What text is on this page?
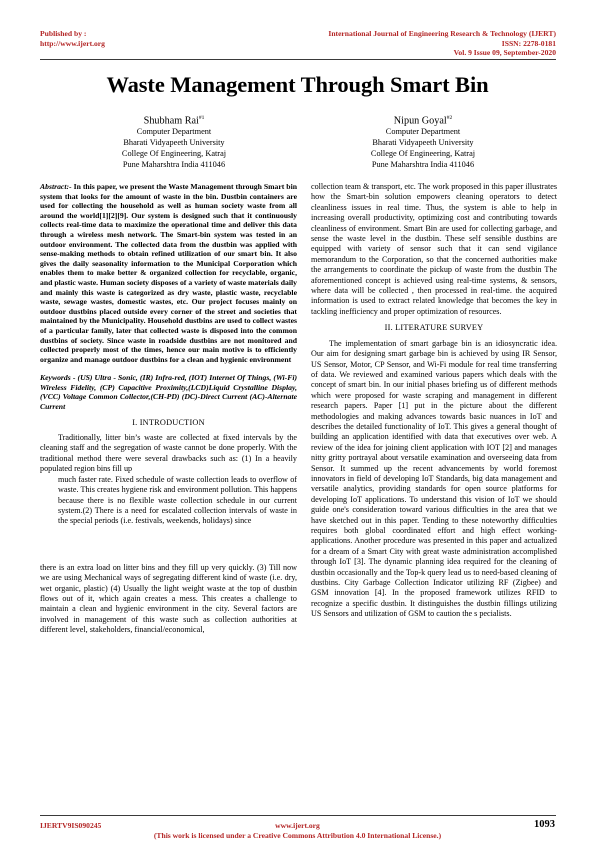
Published by :
http://www.ijert.org
International Journal of Engineering Research & Technology (IJERT)
ISSN: 2278-0181
Vol. 9 Issue 09, September-2020
Waste Management Through Smart Bin
Shubham Rai$^{\#1}$
Computer Department
Bharati Vidyapeeth University
College Of Engineering, Katraj
Pune Maharshtra India 411046
Nipun Goyal$^{\#2}$
Computer Department
Bharati Vidyapeeth University
College Of Engineering, Katraj
Pune Maharshtra India 411046

Abstract:- In this paper, we present the Waste Management through Smart bin system that looks for the amount of waste in the bin. Dustbin containers are used for collecting the household as well as human society waste from all around the world[1][2][9]. Our system is designed such that it continuously collects real-time data to maximize the operational time and deliver this data through a wireless mesh network. The Smart-bin system was tested in an outdoor environment. The collected data from the dustbin was applied with sense-making methods to obtain refined utilization of our smart bin. It also gives the daily seasonality information to the Municipal Corporation which enables them to make better & organized collection for recyclable, organic, and plastic waste. Human society disposes of a variety of waste materials daily and mainly this waste is categorized as dry waste, plastic waste, recyclable waste, sewage wastes, domestic wastes, etc. Our project focuses mainly on outdoor dustbins placed outside every corner of the street and societies that maintained by the Municipality. Household dustbins are used to collect wastes of a particular family, later that collected waste is disposed into the common dustbins of society. Since waste in roadside dustbins are not monitored and collected properly most of the times, hence our main motive is to efficiently organize and manage outdoor dustbins for a clean and hygienic environment

Keywords - (US) Ultra - Sonic, (IR) Infra-red, (IOT) Internet Of Things, (Wi-Fi) Wireless Fidelity, (CP) Capacitive Proximity,(LCD)Liquid Crystalline Display,(VCC) Voltage Common Collector,(CH-PD) (DC)-Direct Current (AC)-Alternate Current

I. INTRODUCTION

Traditionally, litter bin’s waste are collected at fixed intervals by the cleaning staff and the segregation of waste cannot be done properly. With the traditional method there were several drawbacks such as: (1) In a heavily populated region bins fill up

much faster rate. Fixed schedule of waste collection leads to overflow of waste. This creates hygiene risk and environment pollution. This happens because there is no flexible waste collection schedule in our current system.(2) There is a need for escalated collection intervals of waste in the special periods (i.e. festivals, weekends, holidays) since

there is an extra load on litter bins and they fill up very quickly. (3) Till now we are using Mechanical ways of segregating different kind of waste (i.e. dry, wet organic, plastic) (4) Usually the light weight waste at the top of dustbin flows out of it, which again creates a mess. This creates a challenge to maintain a clean and hygienic environment in the city. Several factors are involved in management of this waste such as collection authorities at different level, stakeholders, financial/economical,

collection team & transport, etc. The work proposed in this paper illustrates how the Smart-bin solution empowers cleaning operators to detect cleanliness issues in real time. Thus, the system is able to help in increasing overall productivity, optimizing cost and contributing towards cleanliness of environment. Smart Bin are used for collecting garbage, and sense the waste level in the dustbin. These self sensible dustbins are equipped with variety of sensor such that it can send vigilance memorandum to the Corporation, so that the concerned authorities make the arrangements to coordinate the pickup of waste from the dustbin The aforementioned concept is achieved using real-time systems, & sensors, where data will be collected , then processed in real-time. the acquired information is used to extract related knowledge that becomes the key in tackling inefficiency and proper optimization of resources.

II. LITERATURE SURVEY

The implementation of smart garbage bin is an idiosyncratic idea. Our aim for designing smart garbage bin is achieved by using IR Sensor, US Sensor, Motor, CP Sensor, and Wi-Fi module for real time transferring of data. We reviewed and examined various papers which deals with the concept of smart bin. In our initial phases briefing us of different methods which were proposed for waste scraping and management in different research papers. Paper [1] put in the picture about the different methodologies and making advances towards basic nuances in IoT and describes the detailed functionality of IoT. This gives a general thought of building an application identified with data that executives over web. A review of the idea for joining client application with IOT [2] and manages nitty gritty portrayal about versatile examination and overseeing data from Sensor. It summed up the recent advancements by world foremost innovators in field of developing IoT Standards, big data management and versatile analytics, providing standards for open source platforms for developing IoT applications. To understand this vision of IoT we should guide one's consideration toward various difficulties in the area that we have sketched out in this paper. Tending to these noteworthy difficulties requires both global coordinated effort and high effect working-applications. Another procedure was presented in this paper and actualized for a dream of a Smart City with great waste administration accomplished through IoT [3]. The dynamic planning idea required for the cleaning of dustbin occasionally and the Top-k query lead us to need-based cleaning of dustbins. City Garbage Collection Indicator utilizing RF (Zigbee) and GSM innovation [4]. In the proposed framework utilizes RFID to recognize a specific dustbin. It distinguishes the dustbin fillings utilizing US Sensors and utilization of GSM to caution the s pecialists.

IJERTV9IS090245	www.ijert.org
(This work is licensed under a Creative Commons Attribution 4.0 International License.)
1093
